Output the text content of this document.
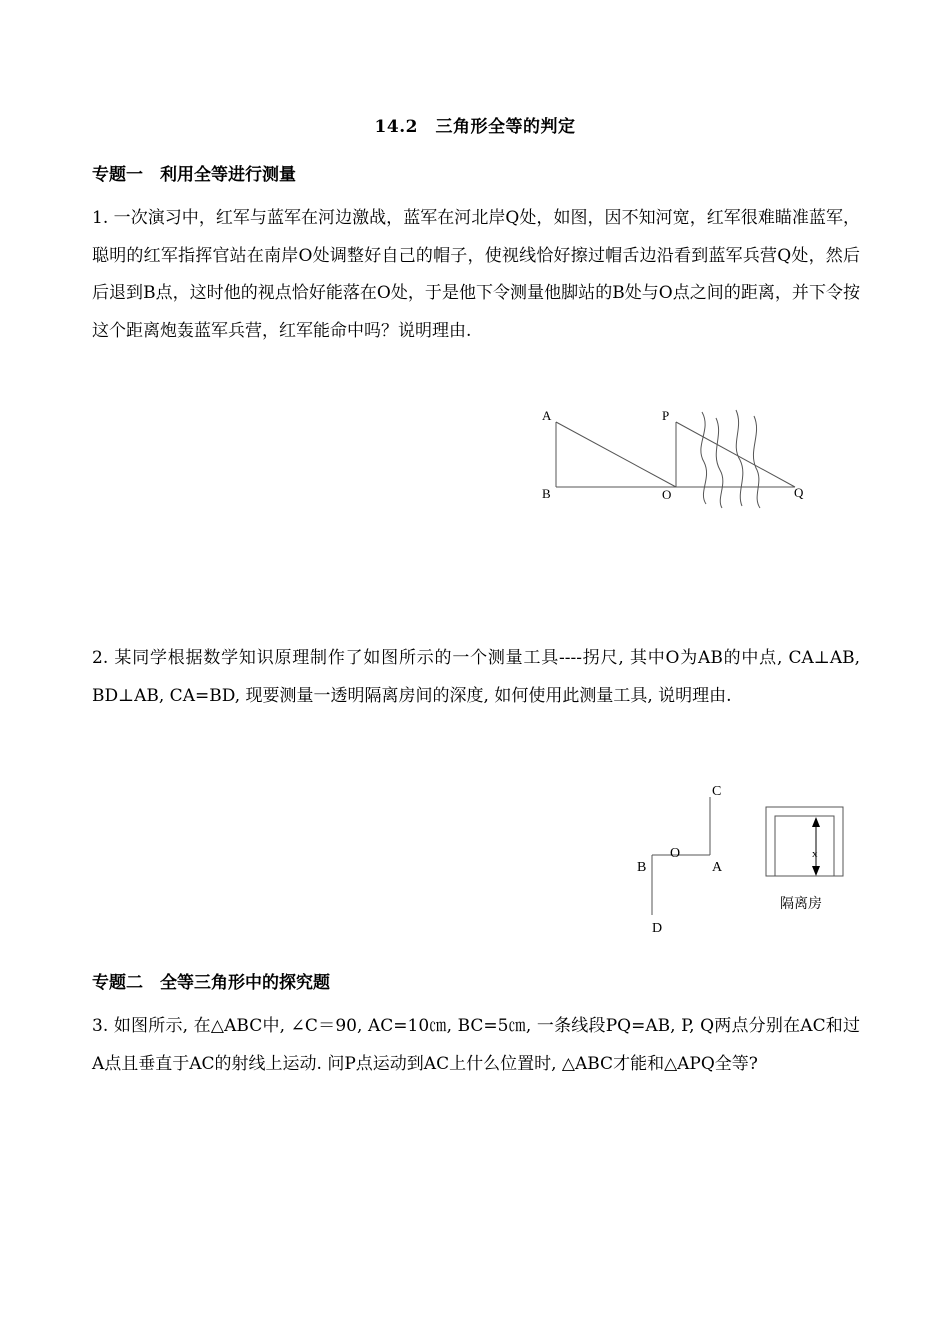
14.2　三角形全等的判定
专题一　利用全等进行测量
1. 一次演习中，红军与蓝军在河边激战，蓝军在河北岸Q处，如图，因不知河宽，红军很难瞄准蓝军，聪明的红军指挥官站在南岸O处调整好自己的帽子，使视线恰好擦过帽舌边沿看到蓝军兵营Q处，然后后退到B点，这时他的视点恰好能落在O处，于是他下令测量他脚站的B处与O点之间的距离，并下令按这个距离炮轰蓝军兵营，红军能命中吗？说明理由.
A	P
B	O	Q
2. 某同学根据数学知识原理制作了如图所示的一个测量工具----拐尺, 其中O为AB的中点, CA⊥AB, BD⊥AB, CA=BD, 现要测量一透明隔离房间的深度, 如何使用此测量工具, 说明理由.
C
O
B	A
D
x
隔离房
专题二　全等三角形中的探究题
3. 如图所示, 在△ABC中, ∠C＝90, AC=10㎝, BC=5㎝, 一条线段PQ=AB, P, Q两点分别在AC和过A点且垂直于AC的射线上运动. 问P点运动到AC上什么位置时, △ABC才能和△APQ全等?
